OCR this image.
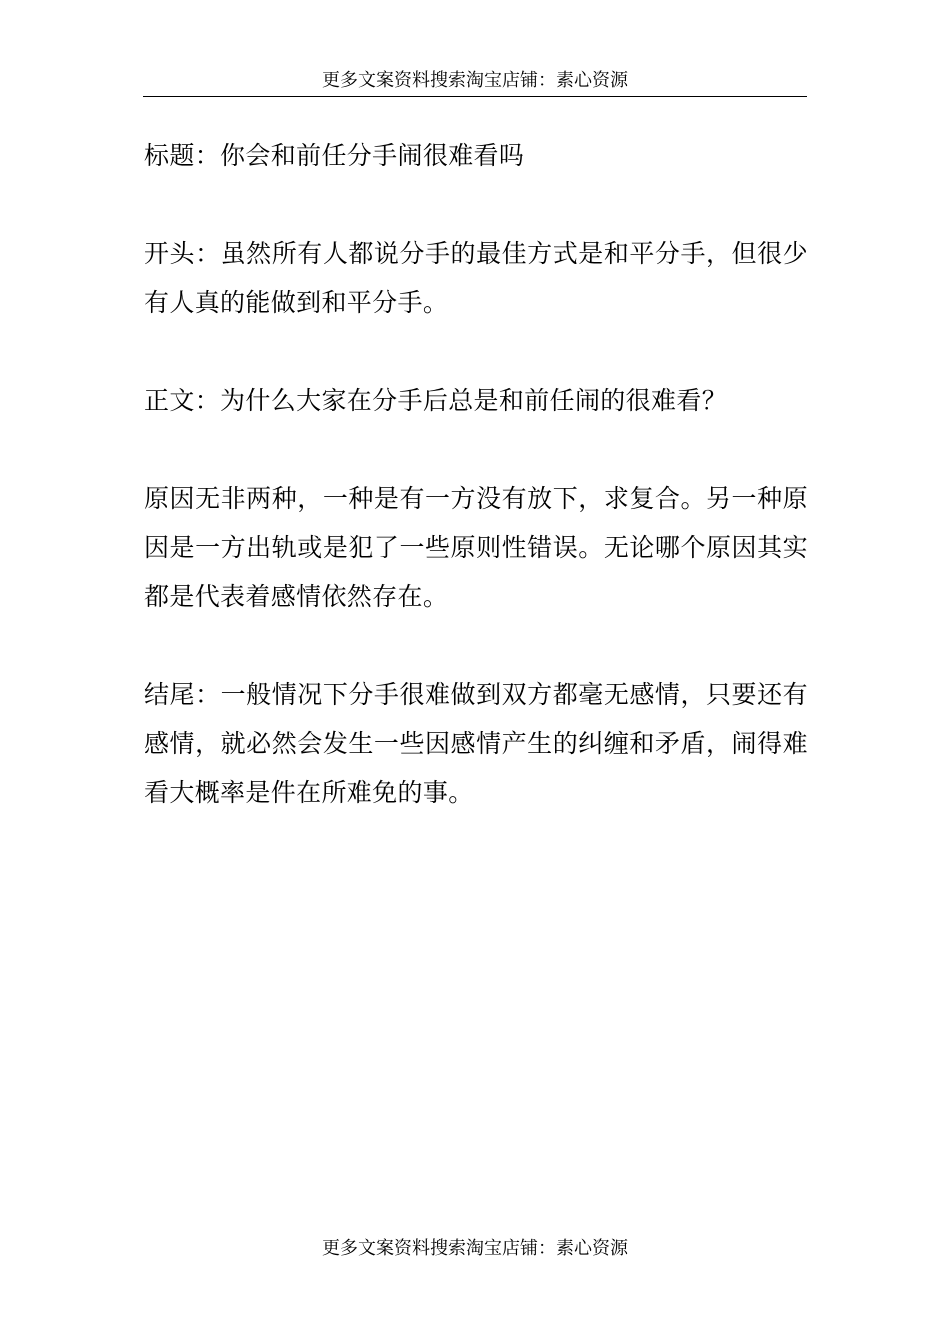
更多文案资料搜索淘宝店铺：素心资源

标题：你会和前任分手闹很难看吗

开头：虽然所有人都说分手的最佳方式是和平分手，但很少有人真的能做到和平分手。

正文：为什么大家在分手后总是和前任闹的很难看？

原因无非两种，一种是有一方没有放下，求复合。另一种原因是一方出轨或是犯了一些原则性错误。无论哪个原因其实都是代表着感情依然存在。

结尾：一般情况下分手很难做到双方都毫无感情，只要还有感情，就必然会发生一些因感情产生的纠缠和矛盾，闹得难看大概率是件在所难免的事。

更多文案资料搜索淘宝店铺：素心资源
